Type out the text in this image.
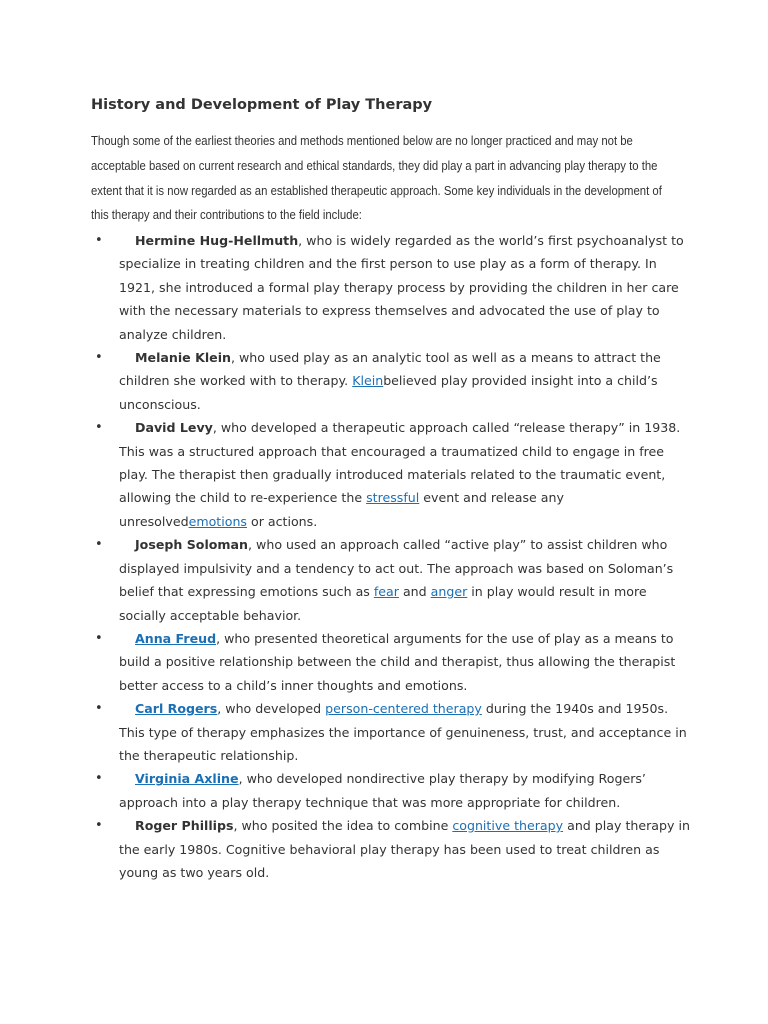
History and Development of Play Therapy

Though some of the earliest theories and methods mentioned below are no longer practiced and may not be acceptable based on current research and ethical standards, they did play a part in advancing play therapy to the extent that it is now regarded as an established therapeutic approach. Some key individuals in the development of this therapy and their contributions to the field include:

•	Hermine Hug-Hellmuth, who is widely regarded as the world’s first psychoanalyst to specialize in treating children and the first person to use play as a form of therapy. In 1921, she introduced a formal play therapy process by providing the children in her care with the necessary materials to express themselves and advocated the use of play to analyze children.
•	Melanie Klein, who used play as an analytic tool as well as a means to attract the children she worked with to therapy. Kleinbelieved play provided insight into a child’s unconscious.
•	David Levy, who developed a therapeutic approach called “release therapy” in 1938. This was a structured approach that encouraged a traumatized child to engage in free play. The therapist then gradually introduced materials related to the traumatic event, allowing the child to re-experience the stressful event and release any unresolvedemotions or actions.
•	Joseph Soloman, who used an approach called “active play” to assist children who displayed impulsivity and a tendency to act out. The approach was based on Soloman’s belief that expressing emotions such as fear and anger in play would result in more socially acceptable behavior.
•	Anna Freud, who presented theoretical arguments for the use of play as a means to build a positive relationship between the child and therapist, thus allowing the therapist better access to a child’s inner thoughts and emotions.
•	Carl Rogers, who developed person-centered therapy during the 1940s and 1950s. This type of therapy emphasizes the importance of genuineness, trust, and acceptance in the therapeutic relationship.
•	Virginia Axline, who developed nondirective play therapy by modifying Rogers’ approach into a play therapy technique that was more appropriate for children.
•	Roger Phillips, who posited the idea to combine cognitive therapy and play therapy in the early 1980s. Cognitive behavioral play therapy has been used to treat children as young as two years old.
